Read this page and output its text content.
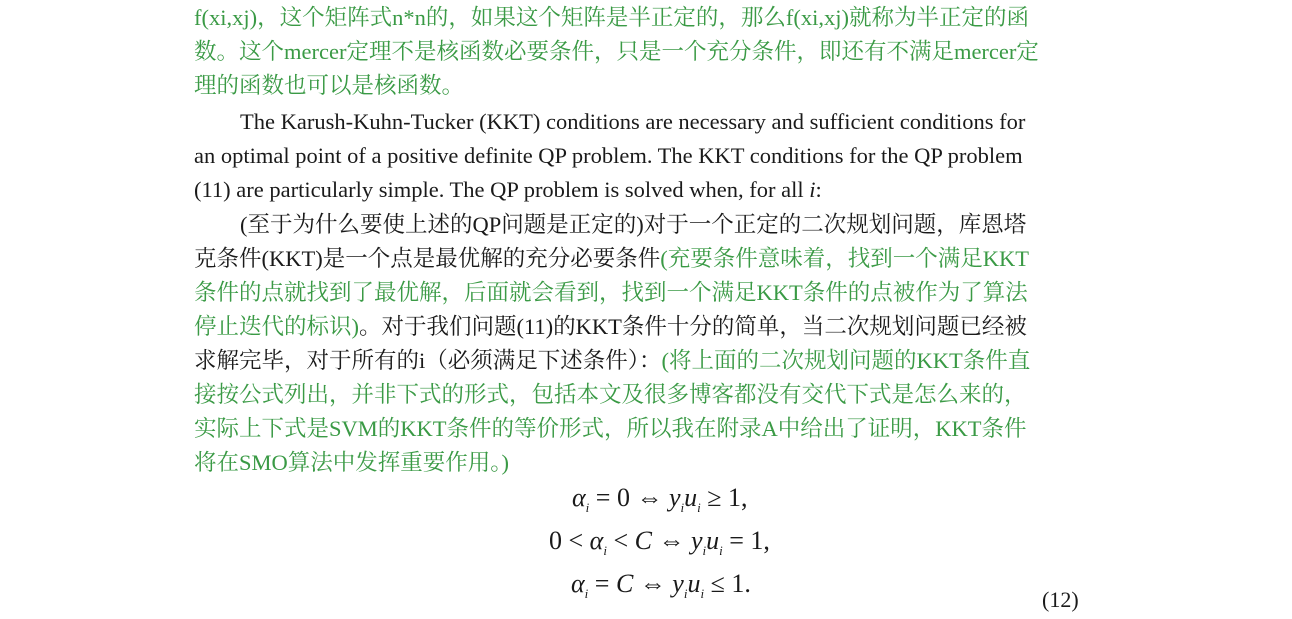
f(xi,xj)，这个矩阵式n*n的，如果这个矩阵是半正定的，那么f(xi,xj)就称为半正定的函
数。这个mercer定理不是核函数必要条件，只是一个充分条件，即还有不满足mercer定
理的函数也可以是核函数。
The Karush-Kuhn-Tucker (KKT) conditions are necessary and sufficient conditions for
an optimal point of a positive definite QP problem. The KKT conditions for the QP problem
(11) are particularly simple. The QP problem is solved when, for all i:
(至于为什么要使上述的QP问题是正定的)对于一个正定的二次规划问题，库恩塔
克条件(KKT)是一个点是最优解的充分必要条件(充要条件意味着，找到一个满足KKT
条件的点就找到了最优解，后面就会看到，找到一个满足KKT条件的点被作为了算法
停止迭代的标识)。对于我们问题(11)的KKT条件十分的简单，当二次规划问题已经被
求解完毕，对于所有的i（必须满足下述条件）：(将上面的二次规划问题的KKT条件直
接按公式列出，并非下式的形式，包括本文及很多博客都没有交代下式是怎么来的，
实际上下式是SVM的KKT条件的等价形式，所以我在附录A中给出了证明，KKT条件
将在SMO算法中发挥重要作用。)
$\alpha_i = 0$ ⇔ $y_iu_i \ge 1$,
$0 < \alpha_i < C$ ⇔ $y_iu_i = 1$,
$\alpha_i = C$ ⇔ $y_iu_i \le 1$.
(12)
